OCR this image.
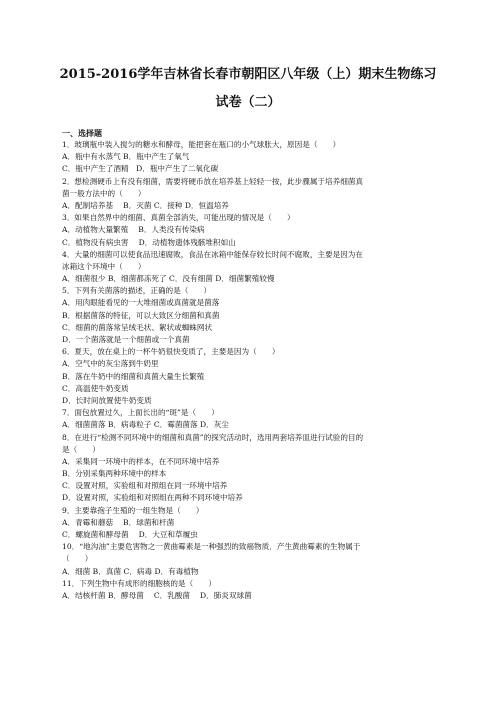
2015-2016学年吉林省长春市朝阳区八年级（上）期末生物练习
试卷（二）
一、选择题
1．玻璃瓶中装入搅匀的糖水和酵母，能把套在瓶口的小气球胀大，原因是（　　）
A．瓶中有水蒸气 B．瓶中产生了氧气
C．瓶中产生了酒精　D．瓶中产生了二氧化碳
2．想检测硬币上有没有细菌，需要将硬币放在培养基上轻轻一按，此步骤属于培养细菌真
菌一般方法中的（　　）
A．配制培养基　 B．灭菌 C．接种 D．恒温培养
3．如果自然界中的细菌、真菌全部消失，可能出现的情况是（　　）
A．动植物大量繁殖　 B．人类没有传染病
C．植物没有病虫害　 D．动植物遗体残骸堆积如山
4．大量的细菌可以使食品迅速腐败，食品在冰箱中能保存较长时间不腐败，主要是因为在
冰箱这个环境中（　　）
A．细菌很少 B．细菌都冻死了 C．没有细菌 D．细菌繁殖较慢
5．下列有关菌落的描述，正确的是（　　）
A．用肉眼能看见的一大堆细菌或真菌就是菌落
B．根据菌落的特征，可以大致区分细菌和真菌
C．细菌的菌落常呈绒毛状、絮状或蜘蛛网状
D．一个菌落就是一个细菌或一个真菌
6．夏天，放在桌上的一杯牛奶很快变质了，主要是因为（　　）
A．空气中的灰尘落到牛奶里
B．落在牛奶中的细菌和真菌大量生长繁殖
C．高温使牛奶变质
D．长时间放置使牛奶变质
7．面包放置过久，上面长出的“斑”是（　　）
A．细菌菌落 B．病毒粒子 C．霉菌菌落 D．灰尘
8．在进行“检测不同环境中的细菌和真菌”的探究活动时，选用两套培养皿进行试验的目的
是（　　）
A．采集同一环境中的样本，在不同环境中培养
B．分别采集两种环境中的样本
C．设置对照，实验组和对照组在同一环境中培养
D．设置对照，实验组和对照组在两种不同环境中培养
9．主要靠孢子生殖的一组生物是（　　）
A．青霉和蘑菇　 B．球菌和杆菌
C．螺旋菌和酵母菌　 D．大豆和草履虫
10．“地沟油”主要危害物之一黄曲霉素是一种强烈的致癌物质．产生黄曲霉素的生物属于
（　　）
A．细菌 B．真菌 C．病毒 D．有毒植物
11．下列生物中有成形的细胞核的是（　　）
A．结核杆菌 B．酵母菌　 C．乳酸菌　 D．肺炎双球菌
